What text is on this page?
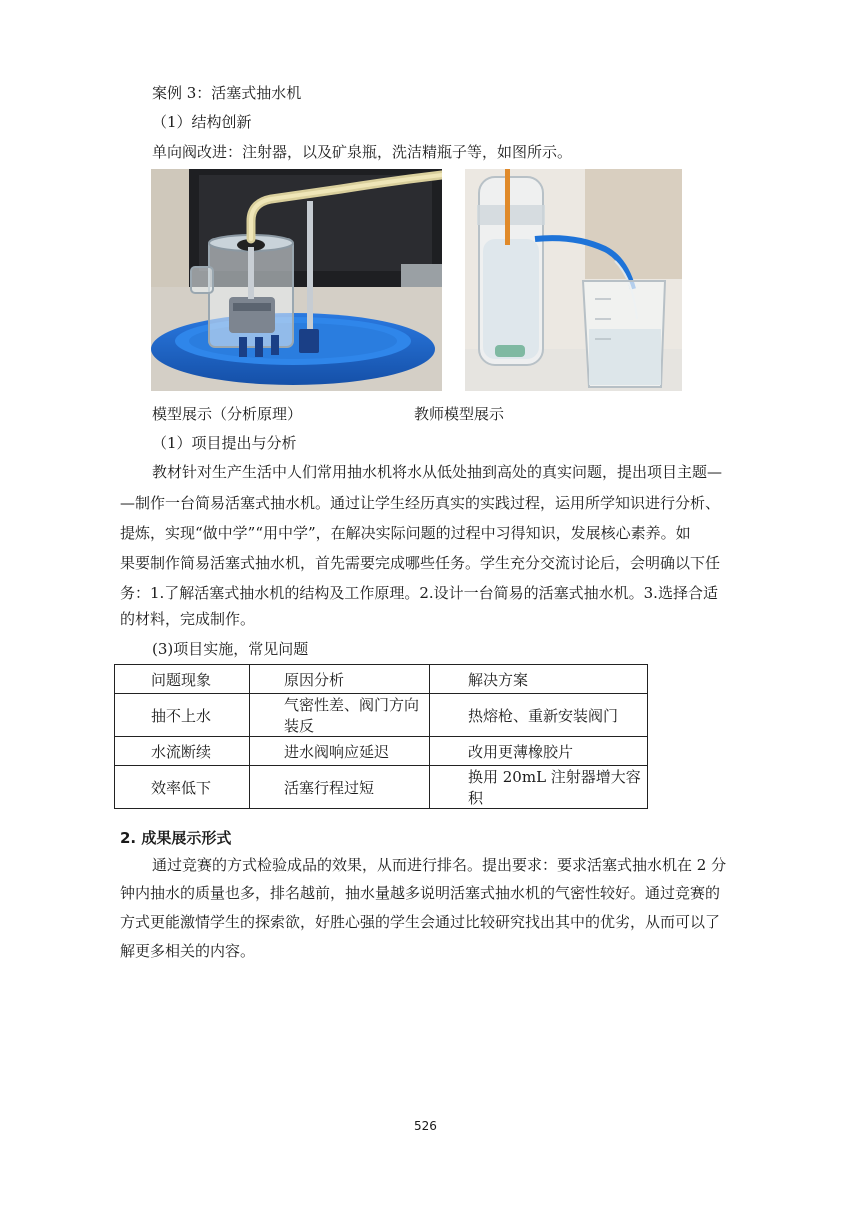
案例 3：活塞式抽水机
（1）结构创新
单向阀改进：注射器，以及矿泉瓶，洗洁精瓶子等，如图所示。
模型展示（分析原理）	教师模型展示
（1）项目提出与分析
教材针对生产生活中人们常用抽水机将水从低处抽到高处的真实问题，提出项目主题—
—制作一台简易活塞式抽水机。通过让学生经历真实的实践过程，运用所学知识进行分析、
提炼，实现“做中学”“用中学”，在解决实际问题的过程中习得知识，发展核心素养。如
果要制作简易活塞式抽水机，首先需要完成哪些任务。学生充分交流讨论后，会明确以下任
务：1.了解活塞式抽水机的结构及工作原理。2.设计一台简易的活塞式抽水机。3.选择合适
的材料，完成制作。
(3)项目实施，常见问题
问题现象	原因分析	解决方案
抽不上水	气密性差、阀门方向装反	热熔枪、重新安装阀门
水流断续	进水阀响应延迟	改用更薄橡胶片
效率低下	活塞行程过短	换用 20mL 注射器增大容积
2. 成果展示形式
通过竞赛的方式检验成品的效果，从而进行排名。提出要求：要求活塞式抽水机在 2 分
钟内抽水的质量也多，排名越前，抽水量越多说明活塞式抽水机的气密性较好。通过竞赛的
方式更能激情学生的探索欲，好胜心强的学生会通过比较研究找出其中的优劣，从而可以了
解更多相关的内容。
526
